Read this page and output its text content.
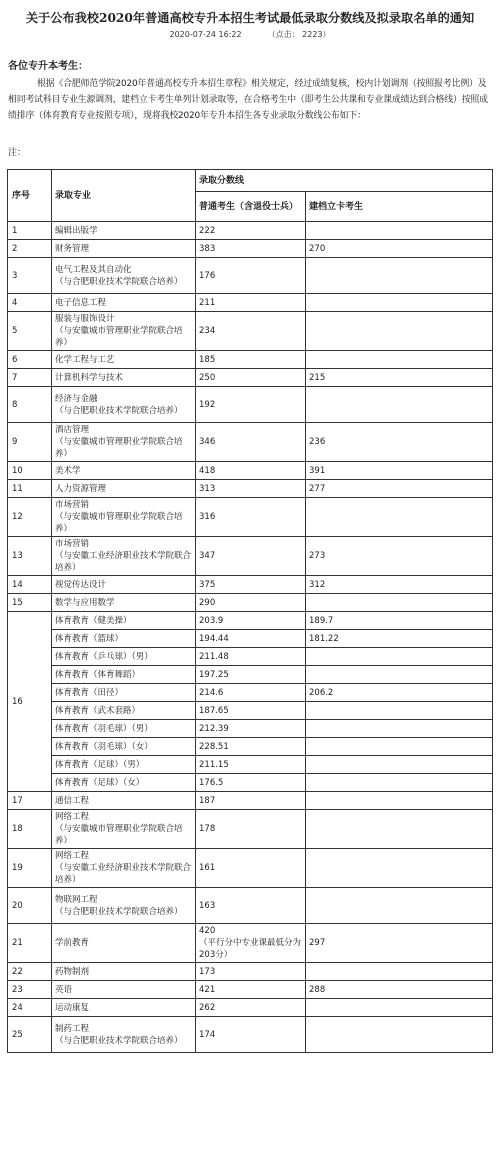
关于公布我校2020年普通高校专升本招生考试最低录取分数线及拟录取名单的通知
2020-07-24 16:22	（点击： 2223）
各位专升本考生：
根据《合肥师范学院2020年普通高校专升本招生章程》相关规定，经过成绩复核，校内计划调剂（按照报考比例）及相同考试科目专业生源调剂，建档立卡考生单列计划录取等，在合格考生中（即考生公共课和专业课成绩达到合格线）按照成绩排序（体育教育专业按照专项），现将我校2020年专升本招生各专业录取分数线公布如下：
注：
序号	录取专业	录取分数线	
		普通考生（含退役士兵）	建档立卡考生
1	编辑出版学	222	
2	财务管理	383	270
3	电气工程及其自动化
（与合肥职业技术学院联合培养）	176	
4	电子信息工程	211	
5	服装与服饰设计
（与安徽城市管理职业学院联合培养）	234	
6	化学工程与工艺	185	
7	计算机科学与技术	250	215
8	经济与金融
（与合肥职业技术学院联合培养）	192	
9	酒店管理
（与安徽城市管理职业学院联合培养）	346	236
10	美术学	418	391
11	人力资源管理	313	277
12	市场营销
（与安徽城市管理职业学院联合培养）	316	
13	市场营销
（与安徽工业经济职业技术学院联合培养）	347	273
14	视觉传达设计	375	312
15	数学与应用数学	290	
16	体育教育（健美操）	203.9	189.7
	体育教育（篮球）	194.44	181.22
	体育教育（乒乓球）（男）	211.48	
	体育教育（体育舞蹈）	197.25	
	体育教育（田径）	214.6	206.2
	体育教育（武术套路）	187.65	
	体育教育（羽毛球）（男）	212.39	
	体育教育（羽毛球）（女）	228.51	
	体育教育（足球）（男）	211.15	
	体育教育（足球）（女）	176.5	
17	通信工程	187	
18	网络工程
（与安徽城市管理职业学院联合培养）	178	
19	网络工程
（与安徽工业经济职业技术学院联合培养）	161	
20	物联网工程
（与合肥职业技术学院联合培养）	163	
21	学前教育	420
（平行分中专业课最低分为203分）	297
22	药物制剂	173	
23	英语	421	288
24	运动康复	262	
25	制药工程
（与合肥职业技术学院联合培养）	174	
